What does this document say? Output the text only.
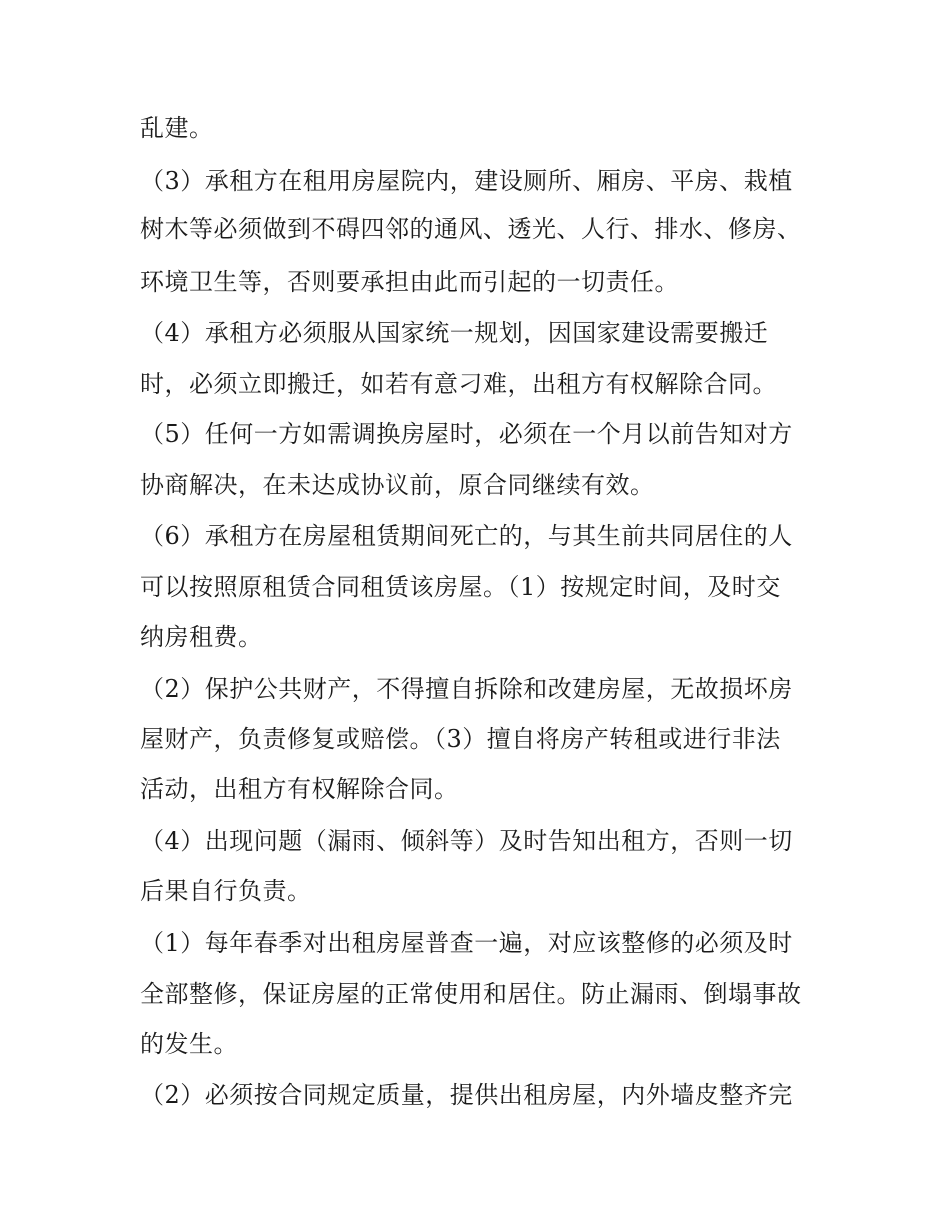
乱建。
（3）承租方在租用房屋院内，建设厕所、厢房、平房、栽植
树木等必须做到不碍四邻的通风、透光、人行、排水、修房、
环境卫生等，否则要承担由此而引起的一切责任。
（4）承租方必须服从国家统一规划，因国家建设需要搬迁
时，必须立即搬迁，如若有意刁难，出租方有权解除合同。
（5）任何一方如需调换房屋时，必须在一个月以前告知对方
协商解决，在未达成协议前，原合同继续有效。
（6）承租方在房屋租赁期间死亡的，与其生前共同居住的人
可以按照原租赁合同租赁该房屋。（1）按规定时间，及时交
纳房租费。
（2）保护公共财产，不得擅自拆除和改建房屋，无故损坏房
屋财产，负责修复或赔偿。（3）擅自将房产转租或进行非法
活动，出租方有权解除合同。
（4）出现问题（漏雨、倾斜等）及时告知出租方，否则一切
后果自行负责。
（1）每年春季对出租房屋普查一遍，对应该整修的必须及时
全部整修，保证房屋的正常使用和居住。防止漏雨、倒塌事故
的发生。
（2）必须按合同规定质量，提供出租房屋，内外墙皮整齐完
